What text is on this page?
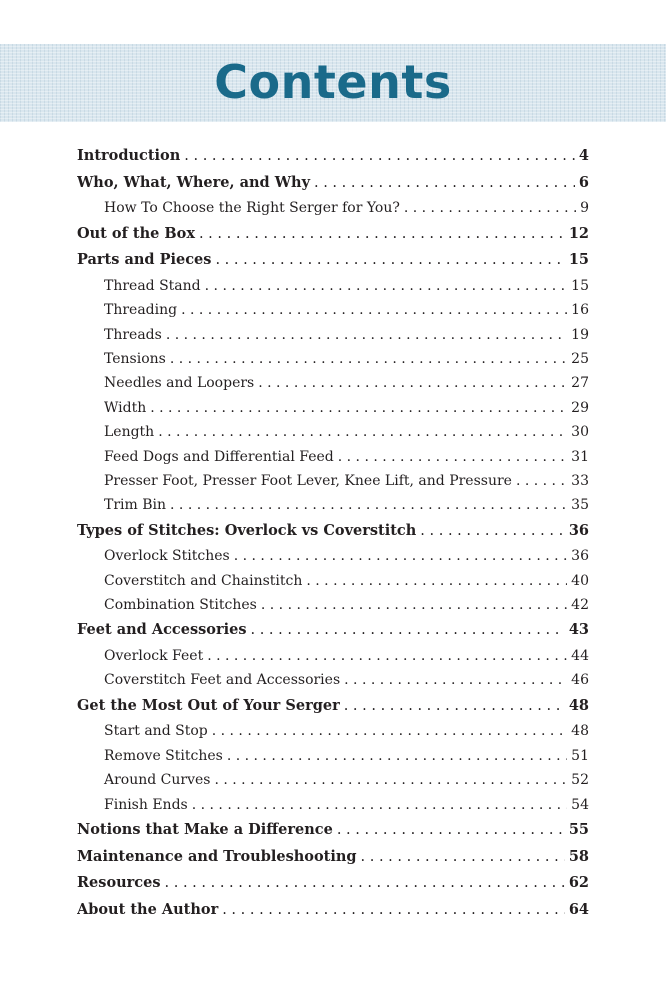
Contents
Introduction . . .	4
Who, What, Where, and Why . . .	6
How To Choose the Right Serger for You? . . .	9
Out of the Box . . .	12
Parts and Pieces . . .	15
Thread Stand . . .	15
Threading . . .	16
Threads . . .	19
Tensions . . .	25
Needles and Loopers . . .	27
Width . . .	29
Length . . .	30
Feed Dogs and Differential Feed . . .	31
Presser Foot, Presser Foot Lever, Knee Lift, and Pressure . . .	33
Trim Bin . . .	35
Types of Stitches: Overlock vs Coverstitch . . .	36
Overlock Stitches . . .	36
Coverstitch and Chainstitch . . .	40
Combination Stitches . . .	42
Feet and Accessories . . .	43
Overlock Feet . . .	44
Coverstitch Feet and Accessories . . .	46
Get the Most Out of Your Serger . . .	48
Start and Stop . . .	48
Remove Stitches . . .	51
Around Curves . . .	52
Finish Ends . . .	54
Notions that Make a Difference . . .	55
Maintenance and Troubleshooting . . .	58
Resources . . .	62
About the Author . . .	64
